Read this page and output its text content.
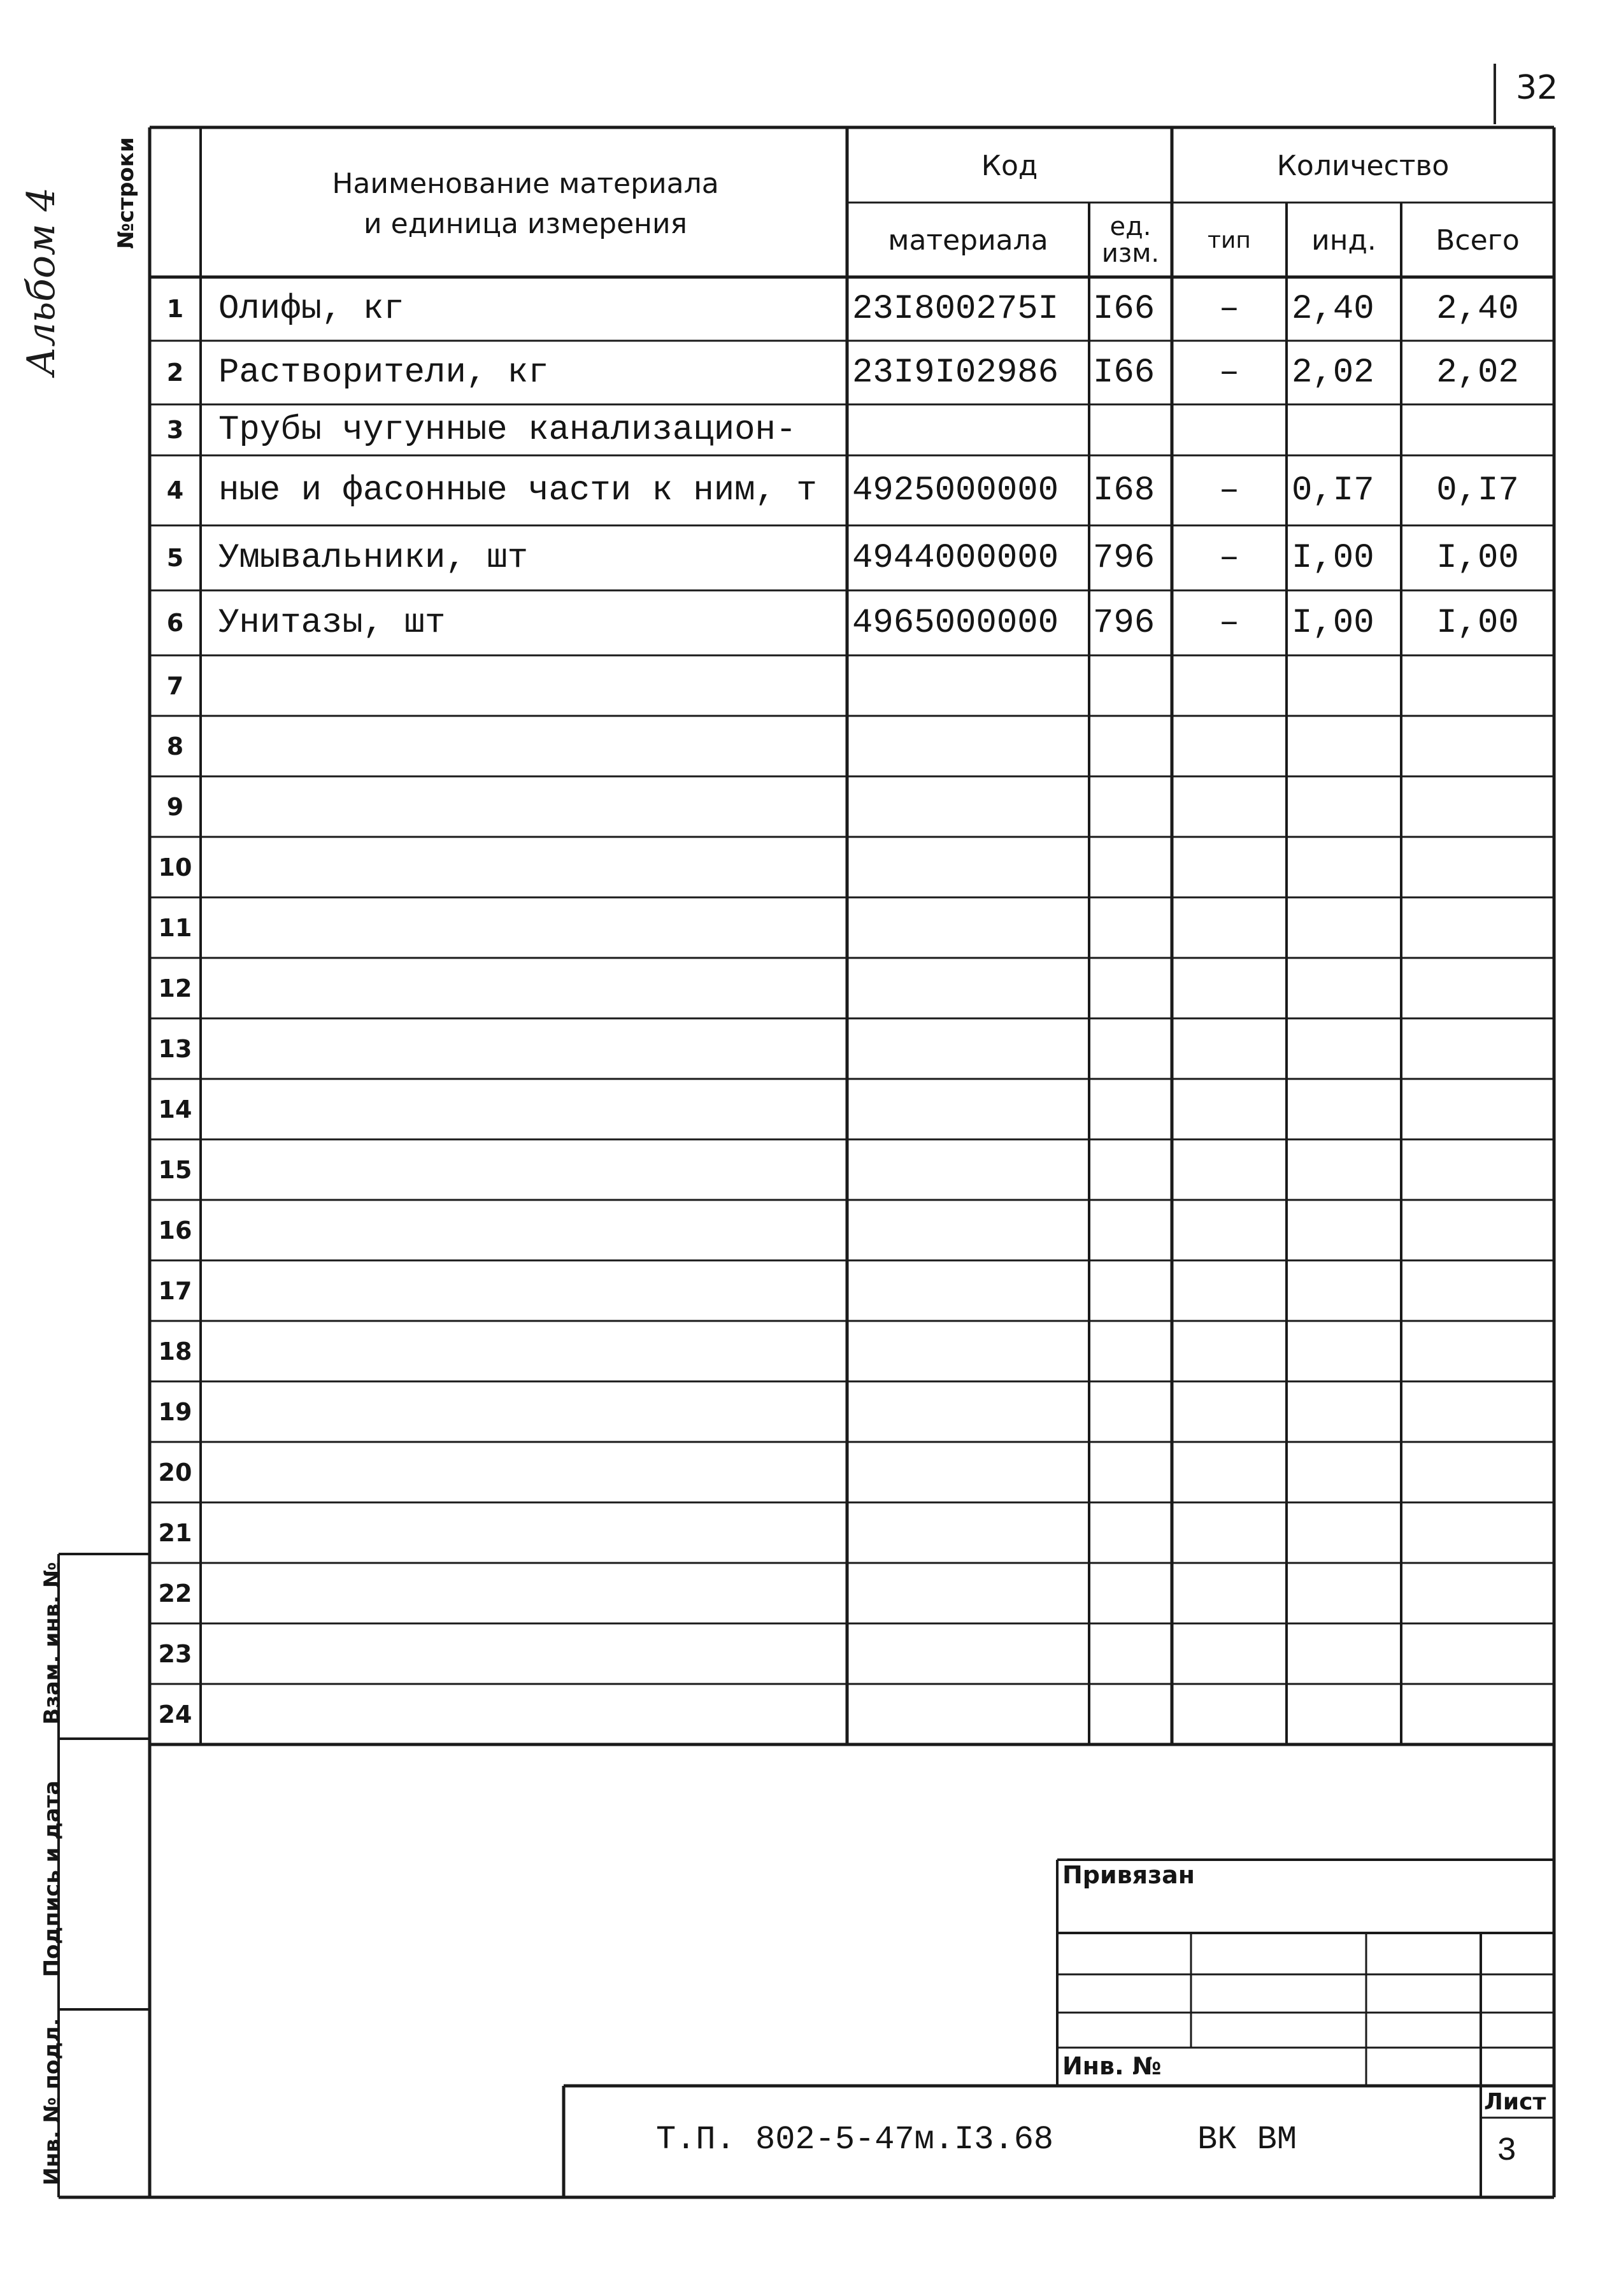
32
Альбом 4	№строки	Наименование материала
и единица измерения
Код
материала	ед. изм.
Количество
тип	инд.	Всего
1	Олифы, кг	23I800275I I66	–	2,40	2,40
2	Растворители, кг	23I9I02986 I66	–	2,02	2,02
3	Трубы чугунные канализацион-
4	ные и фасонные части к ним, т	4925000000 I68	–	0,I7	0,I7
5	Умывальники, шт	4944000000 796	–	I,00	I,00
6	Унитазы, шт	4965000000 796	–	I,00	I,00
7
8
9
10
11
12
13
14
15
16
17
18
19
20
21
22
23
24
Взам. инв. №
Подпись и дата
Инв. № подл.
Привязан
Инв. №
Т.П. 802-5-47м.I3.68	ВК ВМ
Лист
3
